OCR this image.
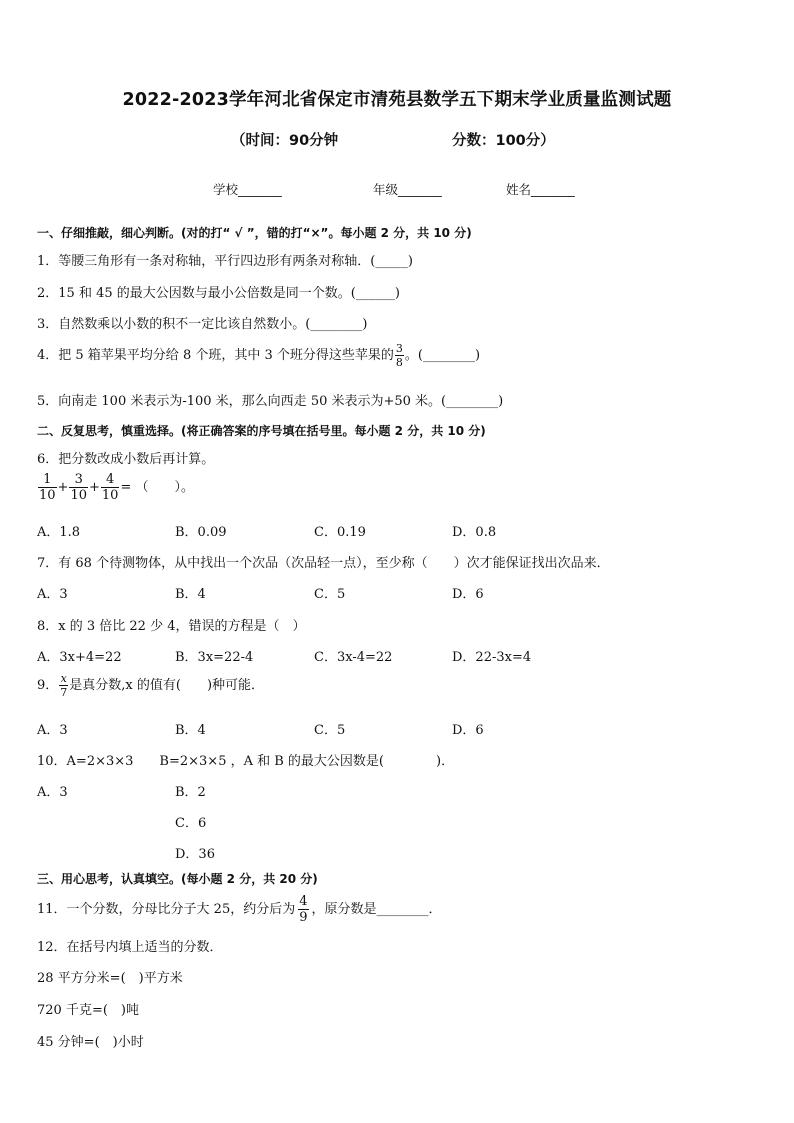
2022-2023学年河北省保定市清苑县数学五下期末学业质量监测试题
（时间：90分钟	分数：100分）
学校_______	年级_______	姓名_______
一、仔细推敲，细心判断。(对的打“ √ ”，错的打“×”。每小题 2 分，共 10 分)
1．等腰三角形有一条对称轴，平行四边形有两条对称轴．(_____)
2．15 和 45 的最大公因数与最小公倍数是同一个数。(______)
3．自然数乘以小数的积不一定比该自然数小。(________)
4．把 5 箱苹果平均分给 8 个班，其中 3 个班分得这些苹果的 $\frac{3}{8}$ 。(________)
5．向南走 100 米表示为-100 米，那么向西走 50 米表示为+50 米。(________)
二、反复思考，慎重选择。(将正确答案的序号填在括号里。每小题 2 分，共 10 分)
6．把分数改成小数后再计算。
$\frac{1}{10} + \frac{3}{10} + \frac{4}{10}$ = （　　）。
A．1.8	B．0.09	C．0.19	D．0.8
7．有 68 个待测物体，从中找出一个次品（次品轻一点），至少称（　　）次才能保证找出次品来．
A．3	B．4	C．5	D．6
8．x 的 3 倍比 22 少 4，错误的方程是（　）
A．3x+4=22	B．3x=22-4	C．3x-4=22	D．22-3x=4
9． $\frac{x}{7}$ 是真分数,x 的值有(　　)种可能．
A．3	B．4	C．5	D．6
10．A=2×3×3　　B=2×3×5 ，A 和 B 的最大公因数是(　　　　)．
A．3	B．2
C．6
D．36
三、用心思考，认真填空。(每小题 2 分，共 20 分)
11．一个分数，分母比分子大 25，约分后为 $\frac{4}{9}$ ，原分数是________．
12．在括号内填上适当的分数．
28 平方分米=(　)平方米
720 千克=(　)吨
45 分钟=(　)小时
